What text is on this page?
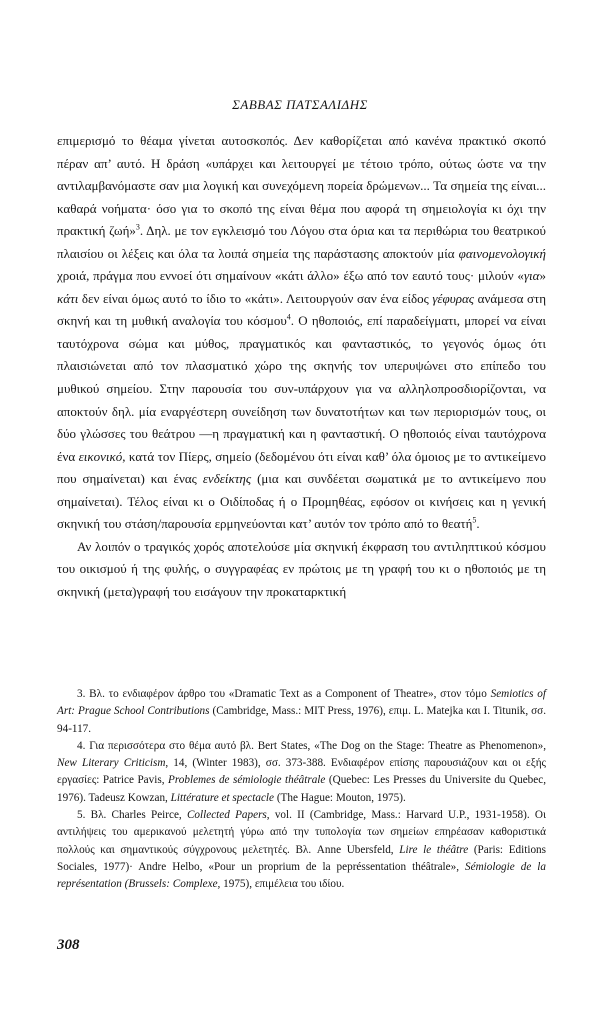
ΣΑΒΒΑΣ ΠΑΤΣΑΛΙΔΗΣ

επιμερισμό το θέαμα γίνεται αυτοσκοπός. Δεν καθορίζεται από κανένα πρακτικό σκοπό πέραν απ’ αυτό. Η δράση «υπάρχει και λειτουργεί με τέτοιο τρόπο, ούτως ώστε να την αντιλαμβανόμαστε σαν μια λογική και συνεχόμενη πορεία δρώμενων... Τα σημεία της είναι... καθαρά νοήματα· όσο για το σκοπό της είναι θέμα που αφορά τη σημειολογία κι όχι την πρακτική ζωή»$^3$. Δηλ. με τον εγκλεισμό του Λόγου στα όρια και τα περιθώρια του θεατρικού πλαισίου οι λέξεις και όλα τα λοιπά σημεία της παράστασης αποκτούν μία φαινομενολογική χροιά, πράγμα που εννοεί ότι σημαίνουν «κάτι άλλο» έξω από τον εαυτό τους· μιλούν «για» κάτι δεν είναι όμως αυτό το ίδιο το «κάτι». Λειτουργούν σαν ένα είδος γέφυρας ανάμεσα στη σκηνή και τη μυθική αναλογία του κόσμου$^4$. Ο ηθοποιός, επί παραδείγματι, μπορεί να είναι ταυτόχρονα σώμα και μύθος, πραγματικός και φανταστικός, το γεγονός όμως ότι πλαισιώνεται από τον πλασματικό χώρο της σκηνής τον υπερυψώνει στο επίπεδο του μυθικού σημείου. Στην παρουσία του συν-υπάρχουν για να αλληλοπροσδιορίζονται, να αποκτούν δηλ. μία εναργέστερη συνείδηση των δυνατοτήτων και των περιορισμών τους, οι δύο γλώσσες του θεάτρου —η πραγματική και η φανταστική. Ο ηθοποιός είναι ταυτόχρονα ένα εικονικό, κατά τον Πίερς, σημείο (δεδομένου ότι είναι καθ’ όλα όμοιος με το αντικείμενο που σημαίνεται) και ένας ενδείκτης (μια και συνδέεται σωματικά με το αντικείμενο που σημαίνεται). Τέλος είναι κι ο Οιδίποδας ή ο Προμηθέας, εφόσον οι κινήσεις και η γενική σκηνική του στάση/παρουσία ερμηνεύονται κατ’ αυτόν τον τρόπο από το θεατή$^5$.

Αν λοιπόν ο τραγικός χορός αποτελούσε μία σκηνική έκφραση του αντιληπτικού κόσμου του οικισμού ή της φυλής, ο συγγραφέας εν πρώτοις με τη γραφή του κι ο ηθοποιός με τη σκηνική (μετα)γραφή του εισάγουν την προκαταρκτική

3. Βλ. το ενδιαφέρον άρθρο του «Dramatic Text as a Component of Theatre», στον τόμο Semiotics of Art: Prague School Contributions (Cambridge, Mass.: MIT Press, 1976), επιμ. L. Matejka και I. Titunik, σσ. 94-117.

4. Για περισσότερα στο θέμα αυτό βλ. Bert States, «The Dog on the Stage: Theatre as Phenomenon», New Literary Criticism, 14, (Winter 1983), σσ. 373-388. Ενδιαφέρον επίσης παρουσιάζουν και οι εξής εργασίες: Patrice Pavis, Problemes de sémiologie théâtrale (Quebec: Les Presses du Universite du Quebec, 1976). Tadeusz Kowzan, Littérature et spectacle (The Hague: Mouton, 1975).

5. Βλ. Charles Peirce, Collected Papers, vol. II (Cambridge, Mass.: Harvard U.P., 1931-1958). Οι αντιλήψεις του αμερικανού μελετητή γύρω από την τυπολογία των σημείων επηρέασαν καθοριστικά πολλούς και σημαντικούς σύγχρονους μελετητές. Βλ. Anne Ubersfeld, Lire le théâtre (Paris: Editions Sociales, 1977)· Andre Helbo, «Pour un proprium de la pepréssentation théâtrale», Sémiologie de la représentation (Brussels: Complexe, 1975), επιμέλεια του ιδίου.

308
